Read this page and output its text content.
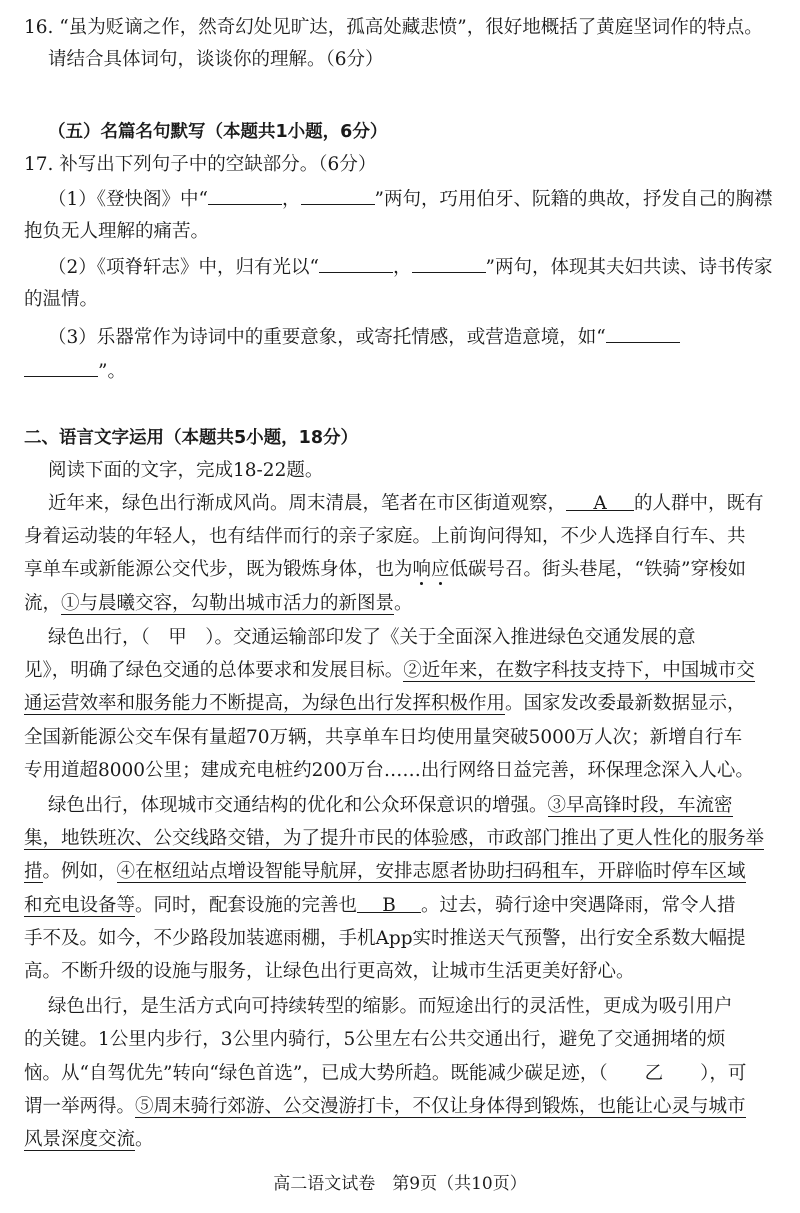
16. “虽为贬谪之作，然奇幻处见旷达，孤高处藏悲愤”，很好地概括了黄庭坚词作的特点。
请结合具体词句，谈谈你的理解。（6分）
（五）名篇名句默写（本题共1小题，6分）
17. 补写出下列句子中的空缺部分。（6分）
（1）《登快阁》中“	，	”两句，巧用伯牙、阮籍的典故，抒发自己的胸襟
抱负无人理解的痛苦。
（2）《项脊轩志》中，归有光以“	，	”两句，体现其夫妇共读、诗书传家
的温情。
（3）乐器常作为诗词中的重要意象，或寄托情感，或营造意境，如“
”。
二、语言文字运用（本题共5小题，18分）
阅读下面的文字，完成18-22题。
近年来，绿色出行渐成风尚。周末清晨，笔者在市区街道观察， A 的人群中，既有
身着运动装的年轻人，也有结伴而行的亲子家庭。上前询问得知，不少人选择自行车、共
享单车或新能源公交代步，既为锻炼身体，也为响应低碳号召。街头巷尾，“铁骑”穿梭如
流，①与晨曦交容，勾勒出城市活力的新图景。
绿色出行，（　甲　）。交通运输部印发了《关于全面深入推进绿色交通发展的意
见》，明确了绿色交通的总体要求和发展目标。②近年来，在数字科技支持下，中国城市交
通运营效率和服务能力不断提高，为绿色出行发挥积极作用。国家发改委最新数据显示，
全国新能源公交车保有量超70万辆，共享单车日均使用量突破5000万人次；新增自行车
专用道超8000公里；建成充电桩约200万台……出行网络日益完善，环保理念深入人心。
绿色出行，体现城市交通结构的优化和公众环保意识的增强。③早高锋时段，车流密
集，地铁班次、公交线路交错，为了提升市民的体验感，市政部门推出了更人性化的服务举
措。例如，④在枢纽站点增设智能导航屏，安排志愿者协助扫码租车，开辟临时停车区域
和充电设备等。同时，配套设施的完善也 B 。过去，骑行途中突遇降雨，常令人措
手不及。如今，不少路段加装遮雨棚，手机App实时推送天气预警，出行安全系数大幅提
高。不断升级的设施与服务，让绿色出行更高效，让城市生活更美好舒心。
绿色出行，是生活方式向可持续转型的缩影。而短途出行的灵活性，更成为吸引用户
的关键。1公里内步行，3公里内骑行，5公里左右公共交通出行，避免了交通拥堵的烦
恼。从“自驾优先”转向“绿色首选”，已成大势所趋。既能减少碳足迹，（　　乙　　），可
谓一举两得。⑤周末骑行郊游、公交漫游打卡，不仅让身体得到锻炼，也能让心灵与城市
风景深度交流。
高二语文试卷　第9页（共10页）
